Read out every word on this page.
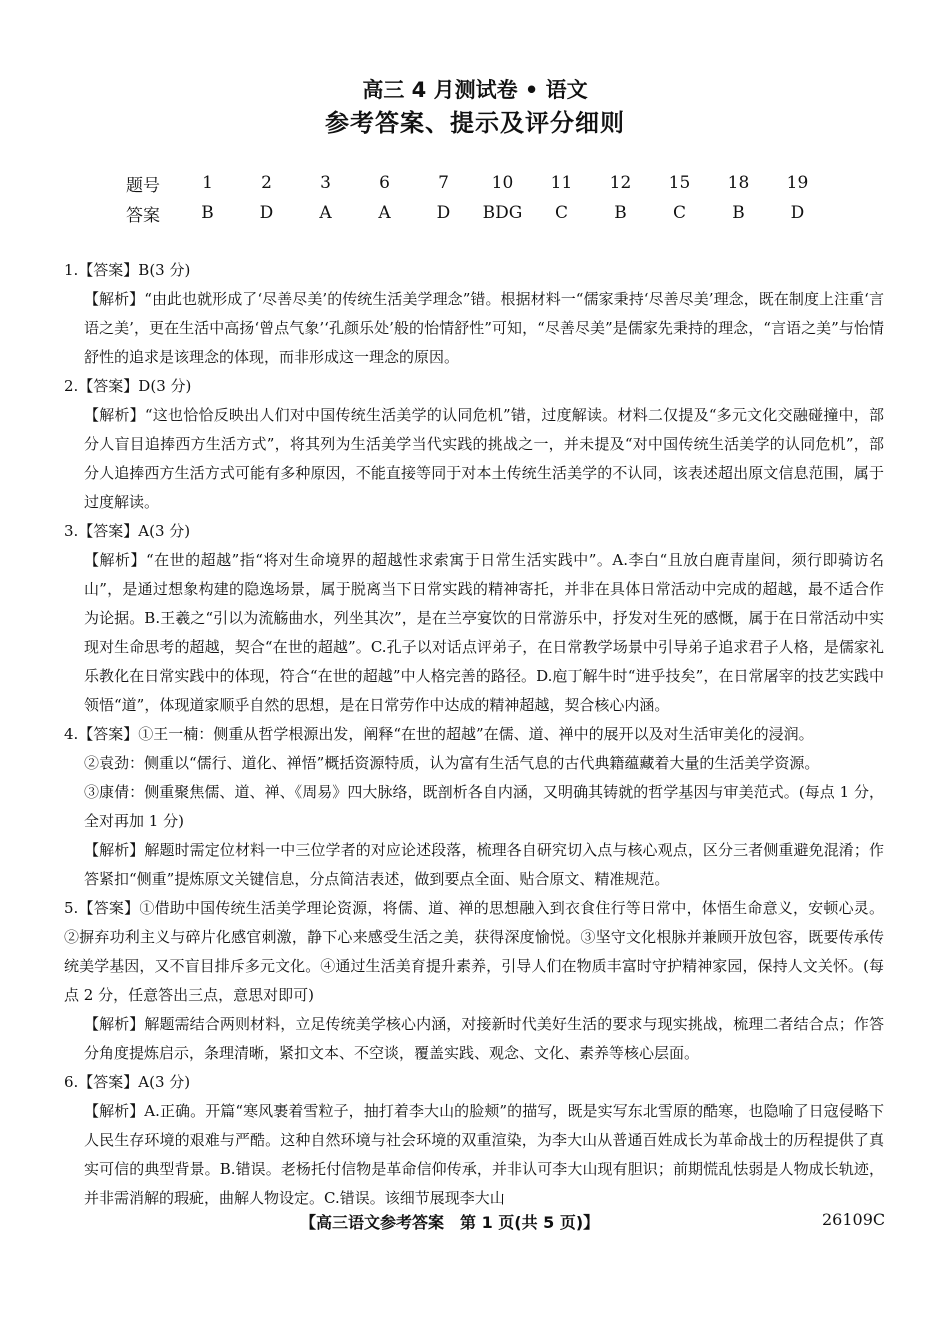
高三 4 月测试卷 • 语文
参考答案、提示及评分细则
题号	1	2	3	6	7	10	11	12	15	18	19
答案	B	D	A	A	D	BDG	C	B	C	B	D
1.【答案】B(3 分)
【解析】“由此也就形成了‘尽善尽美’的传统生活美学理念”错。根据材料一“儒家秉持‘尽善尽美’理念，既在制度上注重‘言语之美’，更在生活中高扬‘曾点气象’‘孔颜乐处’般的怡情舒性”可知，“尽善尽美”是儒家先秉持的理念，“言语之美”与怡情舒性的追求是该理念的体现，而非形成这一理念的原因。
2.【答案】D(3 分)
【解析】“这也恰恰反映出人们对中国传统生活美学的认同危机”错，过度解读。材料二仅提及“多元文化交融碰撞中，部分人盲目追捧西方生活方式”，将其列为生活美学当代实践的挑战之一，并未提及“对中国传统生活美学的认同危机”，部分人追捧西方生活方式可能有多种原因，不能直接等同于对本土传统生活美学的不认同，该表述超出原文信息范围，属于过度解读。
3.【答案】A(3 分)
【解析】“在世的超越”指“将对生命境界的超越性求索寓于日常生活实践中”。A.李白“且放白鹿青崖间，须行即骑访名山”，是通过想象构建的隐逸场景，属于脱离当下日常实践的精神寄托，并非在具体日常活动中完成的超越，最不适合作为论据。B.王羲之“引以为流觞曲水，列坐其次”，是在兰亭宴饮的日常游乐中，抒发对生死的感慨，属于在日常活动中实现对生命思考的超越，契合“在世的超越”。C.孔子以对话点评弟子，在日常教学场景中引导弟子追求君子人格，是儒家礼乐教化在日常实践中的体现，符合“在世的超越”中人格完善的路径。D.庖丁解牛时“进乎技矣”，在日常屠宰的技艺实践中领悟“道”，体现道家顺乎自然的思想，是在日常劳作中达成的精神超越，契合核心内涵。
4.【答案】①王一楠：侧重从哲学根源出发，阐释“在世的超越”在儒、道、禅中的展开以及对生活审美化的浸润。
②袁劲：侧重以“儒行、道化、禅悟”概括资源特质，认为富有生活气息的古代典籍蕴藏着大量的生活美学资源。
③康倩：侧重聚焦儒、道、禅、《周易》四大脉络，既剖析各自内涵，又明确其铸就的哲学基因与审美范式。(每点 1 分，全对再加 1 分)
【解析】解题时需定位材料一中三位学者的对应论述段落，梳理各自研究切入点与核心观点，区分三者侧重避免混淆；作答紧扣“侧重”提炼原文关键信息，分点简洁表述，做到要点全面、贴合原文、精准规范。
5.【答案】①借助中国传统生活美学理论资源，将儒、道、禅的思想融入到衣食住行等日常中，体悟生命意义，安顿心灵。②摒弃功利主义与碎片化感官刺激，静下心来感受生活之美，获得深度愉悦。③坚守文化根脉并兼顾开放包容，既要传承传统美学基因，又不盲目排斥多元文化。④通过生活美育提升素养，引导人们在物质丰富时守护精神家园，保持人文关怀。(每点 2 分，任意答出三点，意思对即可)
【解析】解题需结合两则材料，立足传统美学核心内涵，对接新时代美好生活的要求与现实挑战，梳理二者结合点；作答分角度提炼启示，条理清晰，紧扣文本、不空谈，覆盖实践、观念、文化、素养等核心层面。
6.【答案】A(3 分)
【解析】A.正确。开篇“寒风裹着雪粒子，抽打着李大山的脸颊”的描写，既是实写东北雪原的酷寒，也隐喻了日寇侵略下人民生存环境的艰难与严酷。这种自然环境与社会环境的双重渲染，为李大山从普通百姓成长为革命战士的历程提供了真实可信的典型背景。B.错误。老杨托付信物是革命信仰传承，并非认可李大山现有胆识；前期慌乱怯弱是人物成长轨迹，并非需消解的瑕疵，曲解人物设定。C.错误。该细节展现李大山
【高三语文参考答案　第 1 页(共 5 页)】	26109C
